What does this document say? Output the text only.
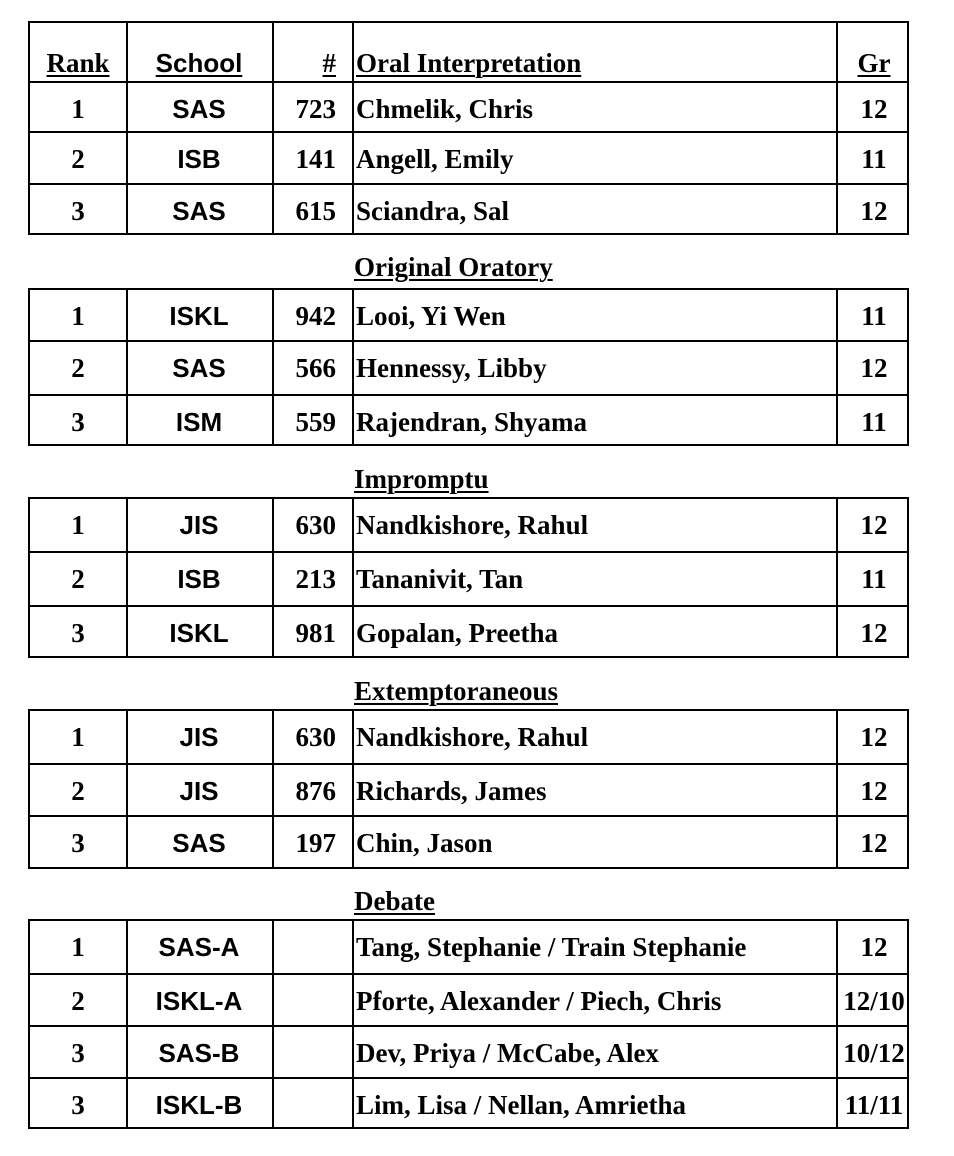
Rank School	# Oral Interpretation	Gr
1	SAS	723 Chmelik, Chris	12
2	ISB	141 Angell, Emily	11
3	SAS	615 Sciandra, Sal	12
Original Oratory
1	ISKL	942 Looi, Yi Wen	11
2	SAS	566 Hennessy, Libby	12
3	ISM	559 Rajendran, Shyama	11
Impromptu
1	JIS	630 Nandkishore, Rahul	12
2	ISB	213 Tananivit, Tan	11
3	ISKL	981 Gopalan, Preetha	12
Extemptoraneous
1	JIS	630 Nandkishore, Rahul	12
2	JIS	876 Richards, James	12
3	SAS	197 Chin, Jason	12
Debate
1	SAS-A	Tang, Stephanie / Train Stephanie	12
2	ISKL-A	Pforte, Alexander / Piech, Chris	12/10
3	SAS-B	Dev, Priya / McCabe, Alex	10/12
3	ISKL-B	Lim, Lisa / Nellan, Amrietha	11/11
